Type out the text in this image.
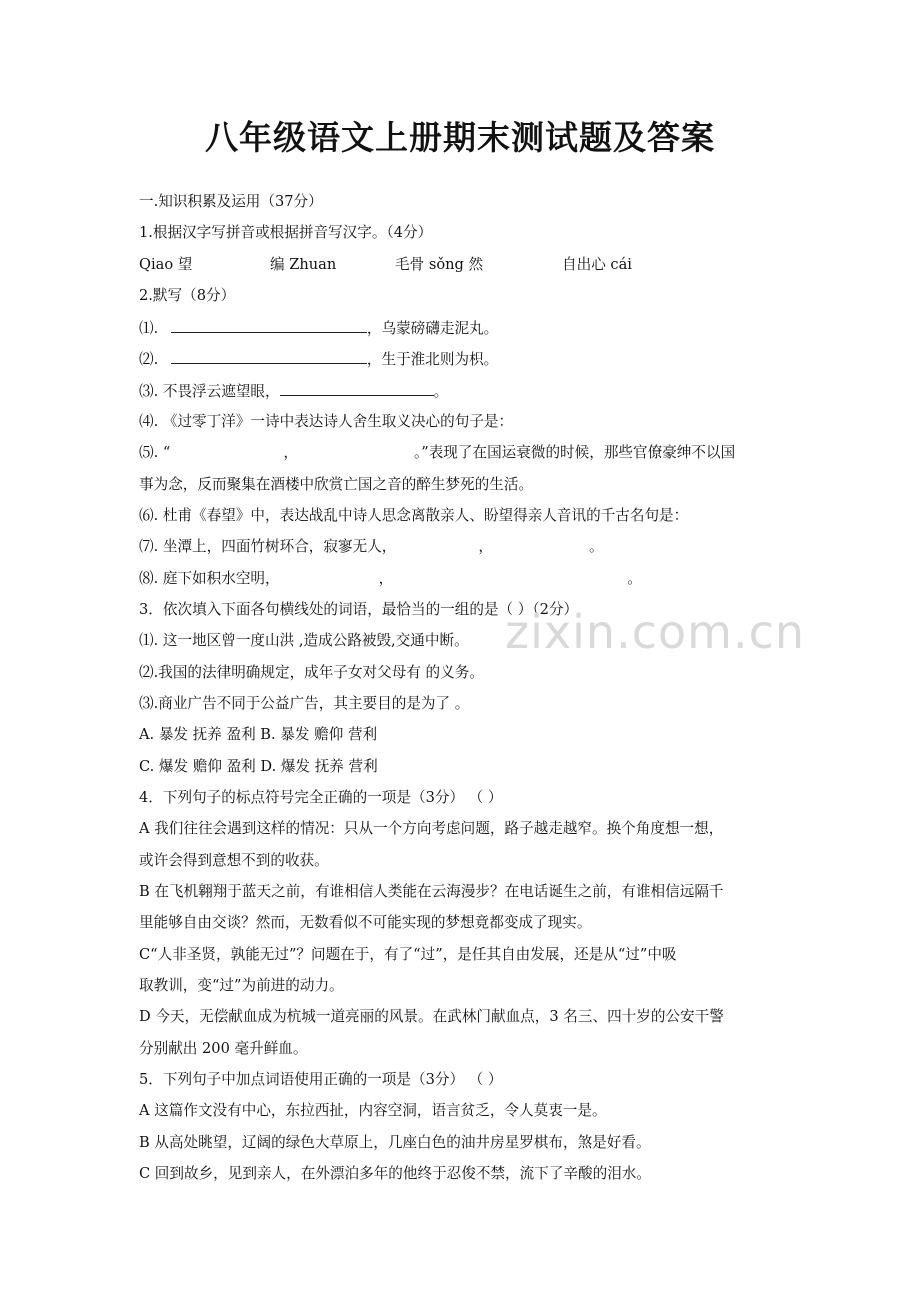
八年级语文上册期末测试题及答案
一.知识积累及运用（37分）
1.根据汉字写拼音或根据拼音写汉字。（4分）
Qiao 望	编 Zhuan	毛骨 sǒng 然	自出心 cái
2.默写（8分）
⑴.	，乌蒙磅礴走泥丸。
⑵.	，生于淮北则为枳。
⑶. 不畏浮云遮望眼，	。
⑷. 《过零丁洋》一诗中表达诗人舍生取义决心的句子是：
⑸. “	，	。”表现了在国运衰微的时候，那些官僚豪绅不以国
事为念，反而聚集在酒楼中欣赏亡国之音的醉生梦死的生活。
⑹. 杜甫《春望》中，表达战乱中诗人思念离散亲人、盼望得亲人音讯的千古名句是：
⑺. 坐潭上，四面竹树环合，寂寥无人，	，	。
⑻. 庭下如积水空明，	，	。
3．依次填入下面各句横线处的词语，最恰当的一组的是（ ）（2分）
⑴. 这一地区曾一度山洪 ,造成公路被毁,交通中断。
⑵.我国的法律明确规定，成年子女对父母有 的义务。
⑶.商业广告不同于公益广告，其主要目的是为了 。
A. 暴发 抚养 盈利 B. 暴发 赡仰 营利
C. 爆发 赡仰 盈利 D. 爆发 抚养 营利
4．下列句子的标点符号完全正确的一项是（3分） （ ）
A 我们往往会遇到这样的情况：只从一个方向考虑问题，路子越走越窄。换个角度想一想，
或许会得到意想不到的收获。
B 在飞机翱翔于蓝天之前，有谁相信人类能在云海漫步？在电话诞生之前，有谁相信远隔千
里能够自由交谈？然而，无数看似不可能实现的梦想竟都变成了现实。
C“人非圣贤，孰能无过”？问题在于，有了“过”，是任其自由发展，还是从“过”中吸
取教训，变“过”为前进的动力。
D 今天，无偿献血成为杭城一道亮丽的风景。在武林门献血点，3 名三、四十岁的公安干警
分别献出 200 毫升鲜血。
5．下列句子中加点词语使用正确的一项是（3分） （ ）
A 这篇作文没有中心，东拉西扯，内容空洞，语言贫乏，令人莫衷一是。
B 从高处眺望，辽阔的绿色大草原上，几座白色的油井房星罗棋布，煞是好看。
C 回到故乡，见到亲人，在外漂泊多年的他终于忍俊不禁，流下了辛酸的泪水。
zixin.com.cn
